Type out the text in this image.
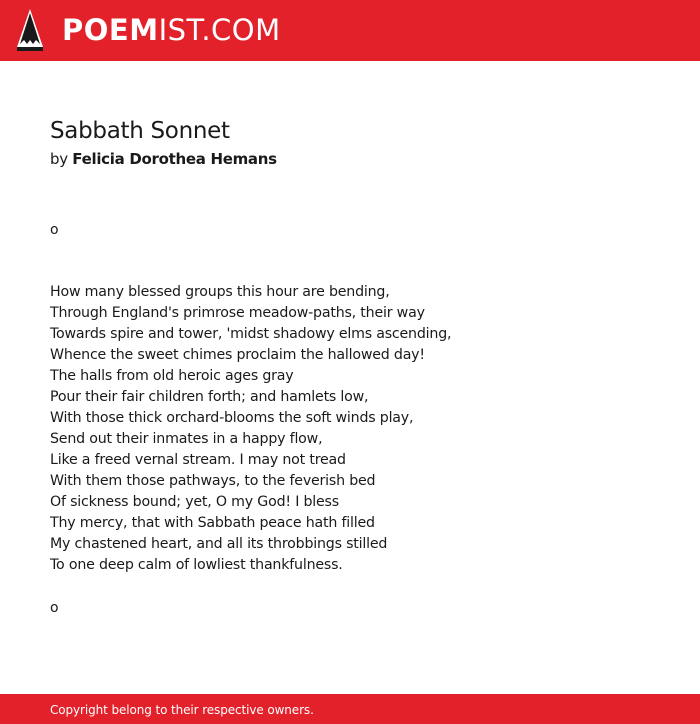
POEMIST.COM
Sabbath Sonnet
by Felicia Dorothea Hemans
o
How many blessed groups this hour are bending,
Through England's primrose meadow-paths, their way
Towards spire and tower, 'midst shadowy elms ascending,
Whence the sweet chimes proclaim the hallowed day!
The halls from old heroic ages gray
Pour their fair children forth; and hamlets low,
With those thick orchard-blooms the soft winds play,
Send out their inmates in a happy flow,
Like a freed vernal stream. I may not tread
With them those pathways, to the feverish bed
Of sickness bound; yet, O my God! I bless
Thy mercy, that with Sabbath peace hath filled
My chastened heart, and all its throbbings stilled
To one deep calm of lowliest thankfulness.
o
Copyright belong to their respective owners.
